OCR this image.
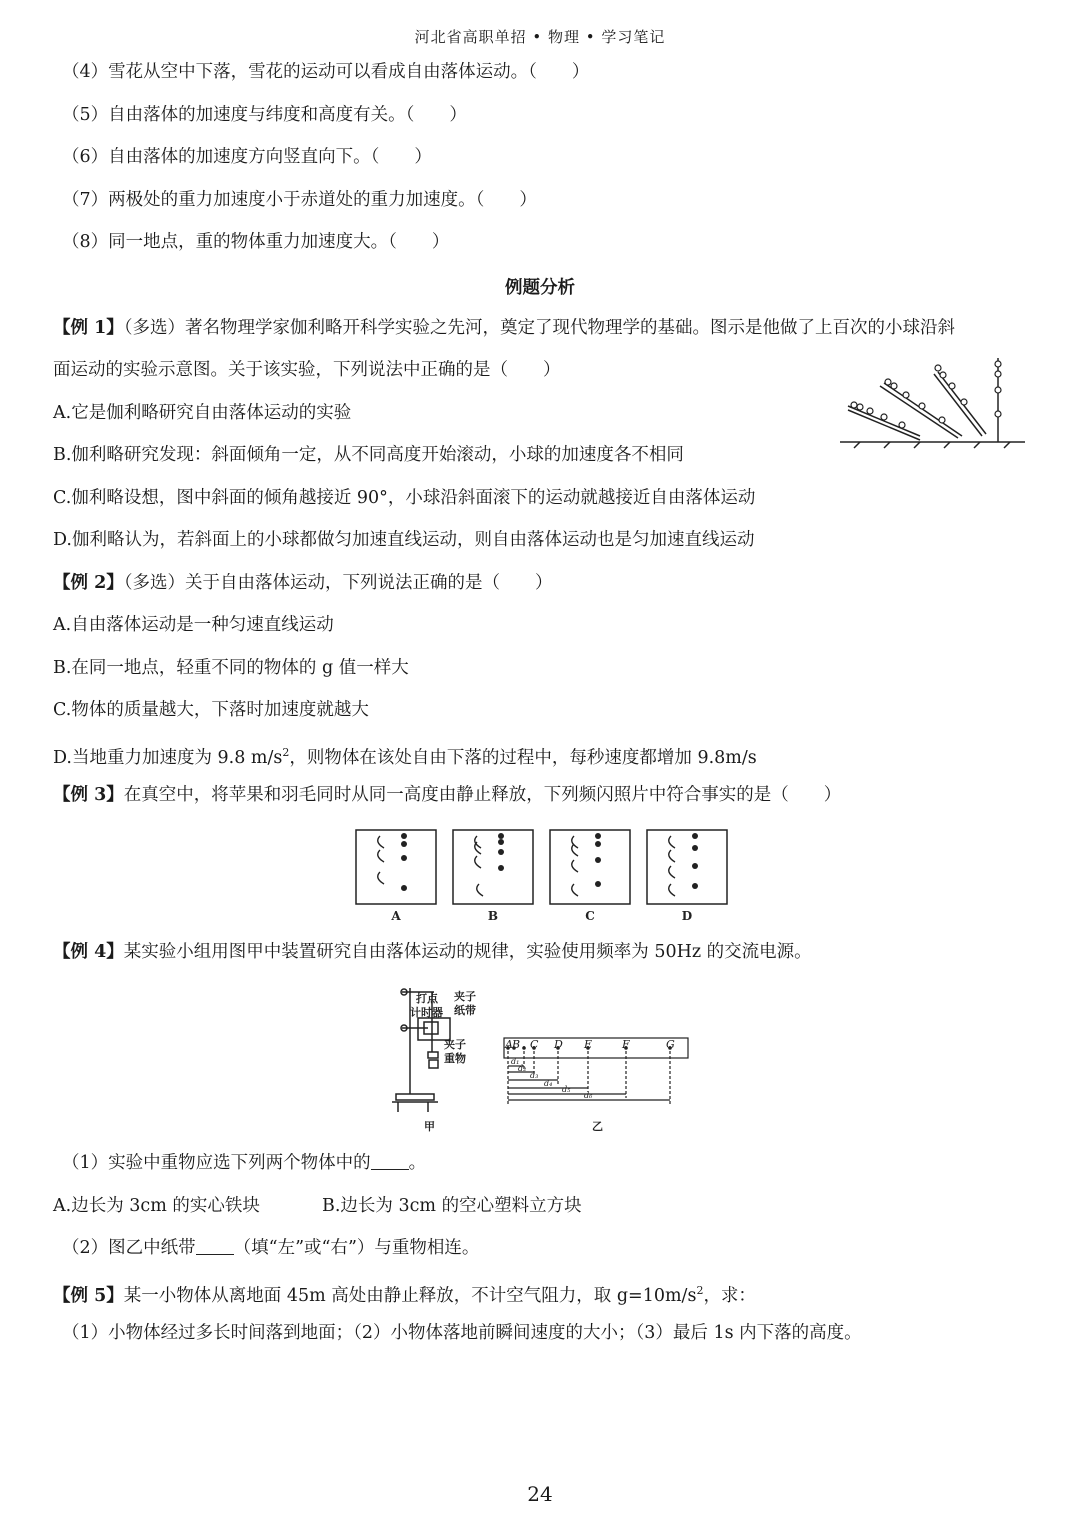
河北省高职单招 • 物理 • 学习笔记
（4）雪花从空中下落，雪花的运动可以看成自由落体运动。（　　）
（5）自由落体的加速度与纬度和高度有关。（　　）
（6）自由落体的加速度方向竖直向下。（　　）
（7）两极处的重力加速度小于赤道处的重力加速度。（　　）
（8）同一地点，重的物体重力加速度大。（　　）
例题分析
【例 1】（多选）著名物理学家伽利略开科学实验之先河，奠定了现代物理学的基础。图示是他做了上百次的小球沿斜
面运动的实验示意图。关于该实验，下列说法中正确的是（　　）
A.它是伽利略研究自由落体运动的实验
B.伽利略研究发现：斜面倾角一定，从不同高度开始滚动，小球的加速度各不相同
C.伽利略设想，图中斜面的倾角越接近 90°，小球沿斜面滚下的运动就越接近自由落体运动
D.伽利略认为，若斜面上的小球都做匀加速直线运动，则自由落体运动也是匀加速直线运动
【例 2】（多选）关于自由落体运动，下列说法正确的是（　　）
A.自由落体运动是一种匀速直线运动
B.在同一地点，轻重不同的物体的 g 值一样大
C.物体的质量越大，下落时加速度就越大
D.当地重力加速度为 9.8 $m/s^2$，则物体在该处自由下落的过程中，每秒速度都增加 9.8m/s
【例 3】在真空中，将苹果和羽毛同时从同一高度由静止释放，下列频闪照片中符合事实的是（　　）
A	B	C	D
【例 4】某实验小组用图甲中装置研究自由落体运动的规律，实验使用频率为 50Hz 的交流电源。
打点
计时器
夹子
纸带
夹子
重物
甲	乙
A B C D E	F	G
d₁
d₂
d₃
d₄
d₅
d₆
（1）实验中重物应选下列两个物体中的 。
A.边长为 3cm 的实心铁块	B.边长为 3cm 的空心塑料立方块
（2）图乙中纸带 （填“左”或“右”）与重物相连。
【例 5】某一小物体从离地面 45m 高处由静止释放，不计空气阻力，取 $g=10m/s^2$，求：
（1）小物体经过多长时间落到地面；（2）小物体落地前瞬间速度的大小；（3）最后 1s 内下落的高度。
24
